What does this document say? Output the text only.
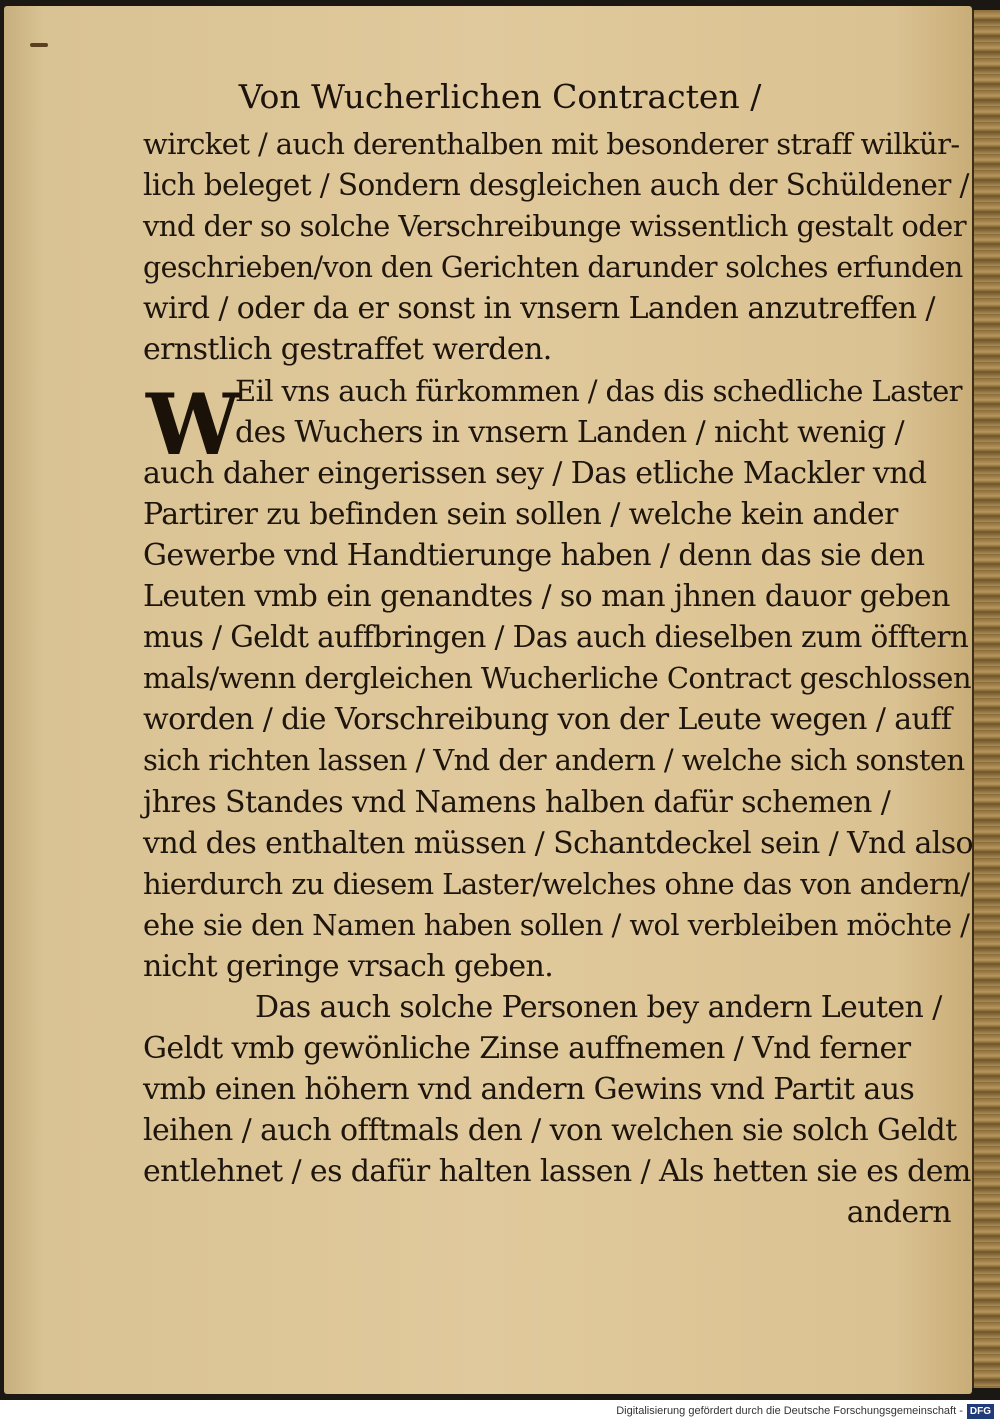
Von Wucherlichen Contracten /
W
wircket / auch derenthalben mit besonderer straff wilkür-
lich beleget / Sondern desgleichen auch der Schüldener /
vnd der so solche Verschreibunge wissentlich gestalt oder
geschrieben/von den Gerichten darunder solches erfunden
wird / oder da er sonst in vnsern Landen anzutreffen /
ernstlich gestraffet werden.
Eil vns auch fürkommen / das dis schedliche Laster
des Wuchers in vnsern Landen / nicht wenig /
auch daher eingerissen sey / Das etliche Mackler vnd
Partirer zu befinden sein sollen / welche kein ander
Gewerbe vnd Handtierunge haben / denn das sie den
Leuten vmb ein genandtes / so man jhnen dauor geben
mus / Geldt auffbringen / Das auch dieselben zum öfftern
mals/wenn dergleichen Wucherliche Contract geschlossen
worden / die Vorschreibung von der Leute wegen / auff
sich richten lassen / Vnd der andern / welche sich sonsten
jhres Standes vnd Namens halben dafür schemen /
vnd des enthalten müssen / Schantdeckel sein / Vnd also
hierdurch zu diesem Laster/welches ohne das von andern/
ehe sie den Namen haben sollen / wol verbleiben möchte /
nicht geringe vrsach geben.
Das auch solche Personen bey andern Leuten /
Geldt vmb gewönliche Zinse auffnemen / Vnd ferner
vmb einen höhern vnd andern Gewins vnd Partit aus
leihen / auch offtmals den / von welchen sie solch Geldt
entlehnet / es dafür halten lassen / Als hetten sie es dem
andern
Digitalisierung gefördert durch die Deutsche Forschungsgemeinschaft - DFG
